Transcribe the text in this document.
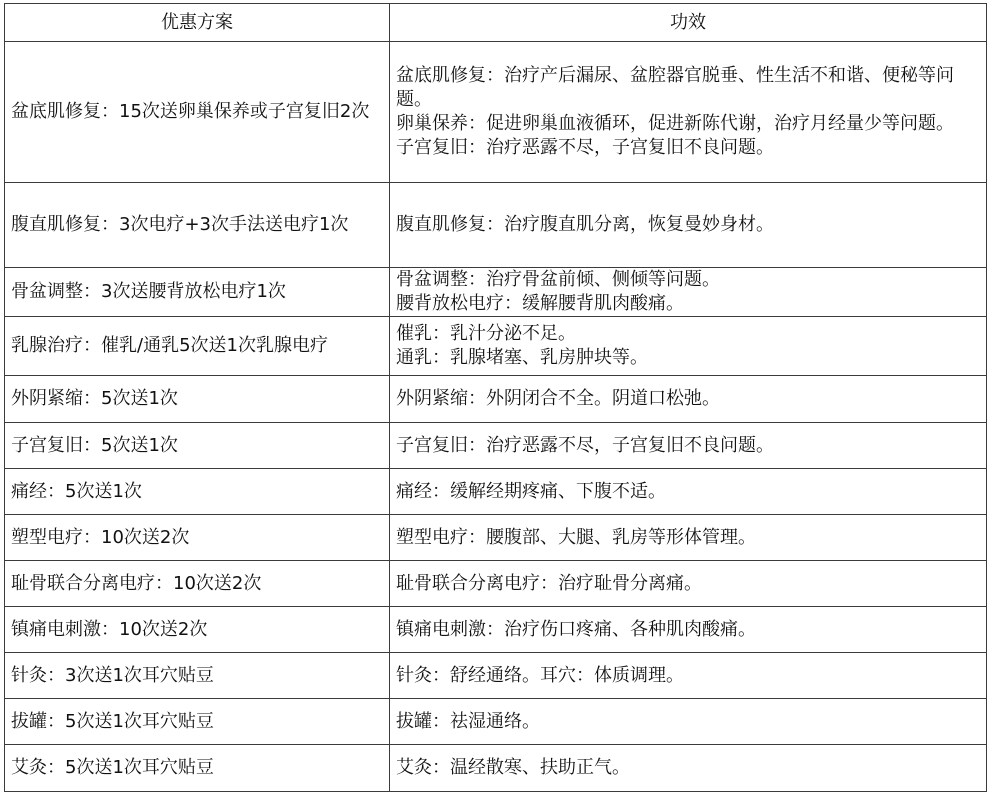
优惠方案	功效
盆底肌修复：15次送卵巢保养或子宫复旧2次	盆底肌修复：治疗产后漏尿、盆腔器官脱垂、性生活不和谐、便秘等问题。
卵巢保养：促进卵巢血液循环，促进新陈代谢，治疗月经量少等问题。
子宫复旧：治疗恶露不尽，子宫复旧不良问题。

腹直肌修复：3次电疗+3次手法送电疗1次	腹直肌修复：治疗腹直肌分离，恢复曼妙身材。

骨盆调整：3次送腰背放松电疗1次	骨盆调整：治疗骨盆前倾、侧倾等问题。
腰背放松电疗：缓解腰背肌肉酸痛。

乳腺治疗：催乳/通乳5次送1次乳腺电疗	催乳：乳汁分泌不足。
通乳：乳腺堵塞、乳房肿块等。

外阴紧缩：5次送1次	外阴紧缩：外阴闭合不全。阴道口松弛。

子宫复旧：5次送1次	子宫复旧：治疗恶露不尽，子宫复旧不良问题。

痛经：5次送1次	痛经：缓解经期疼痛、下腹不适。

塑型电疗：10次送2次	塑型电疗：腰腹部、大腿、乳房等形体管理。

耻骨联合分离电疗：10次送2次	耻骨联合分离电疗：治疗耻骨分离痛。

镇痛电刺激：10次送2次	镇痛电刺激：治疗伤口疼痛、各种肌肉酸痛。

针灸：3次送1次耳穴贴豆	针灸：舒经通络。耳穴：体质调理。

拔罐：5次送1次耳穴贴豆	拔罐：祛湿通络。

艾灸：5次送1次耳穴贴豆	艾灸：温经散寒、扶助正气。
